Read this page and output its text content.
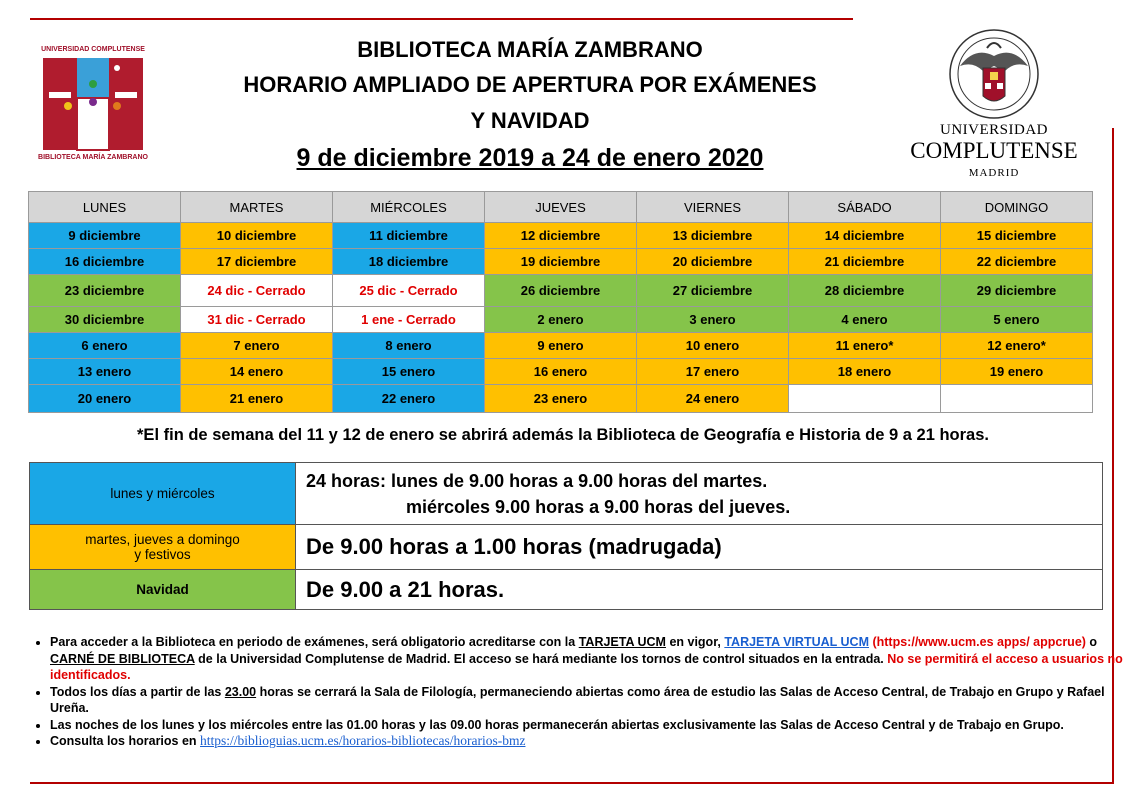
UNIVERSIDAD COMPLUTENSE
BIBLIOTECA MARÍA ZAMBRANO
BIBLIOTECA MARÍA ZAMBRANO
HORARIO AMPLIADO DE APERTURA POR EXÁMENES
Y NAVIDAD
9 de diciembre 2019 a 24 de enero 2020
UNIVERSIDAD
COMPLUTENSE
MADRID
LUNES	MARTES	MIÉRCOLES	JUEVES	VIERNES	SÁBADO	DOMINGO
9 diciembre	10 diciembre	11 diciembre	12 diciembre	13 diciembre	14 diciembre	15 diciembre
16 diciembre	17 diciembre	18 diciembre	19 diciembre	20 diciembre	21 diciembre	22 diciembre
23 diciembre	24 dic - Cerrado	25 dic - Cerrado	26 diciembre	27 diciembre	28 diciembre	29 diciembre
30 diciembre	31 dic - Cerrado	1 ene - Cerrado	2 enero	3 enero	4 enero	5 enero
6 enero	7 enero	8 enero	9 enero	10 enero	11 enero*	12 enero*
13 enero	14 enero	15 enero	16 enero	17 enero	18 enero	19 enero
20 enero	21 enero	22 enero	23 enero	24 enero		
*El fin de semana del 11 y 12 de enero se abrirá además la Biblioteca de Geografía e Historia de 9 a 21 horas.
lunes y miércoles	24 horas: lunes de 9.00 horas a 9.00 horas del martes.
miércoles 9.00 horas a 9.00 horas del jueves.

martes, jueves a domingo
y festivos	De 9.00 horas a 1.00 horas (madrugada)
Navidad	De 9.00 a 21 horas.
• Para acceder a la Biblioteca en periodo de exámenes, será obligatorio acreditarse con la TARJETA UCM en vigor, TARJETA VIRTUAL UCM (https://www.ucm.es apps/ appcrue) o CARNÉ DE BIBLIOTECA de la Universidad Complutense de Madrid. El acceso se hará mediante los tornos de control situados en la entrada. No se permitirá el acceso a usuarios no identificados.
• Todos los días a partir de las 23.00 horas se cerrará la Sala de Filología, permaneciendo abiertas como área de estudio las Salas de Acceso Central, de Trabajo en Grupo y Rafael Ureña.
• Las noches de los lunes y los miércoles entre las 01.00 horas y las 09.00 horas permanecerán abiertas exclusivamente las Salas de Acceso Central y de Trabajo en Grupo.
• Consulta los horarios en https://biblioguias.ucm.es/horarios-bibliotecas/horarios-bmz
